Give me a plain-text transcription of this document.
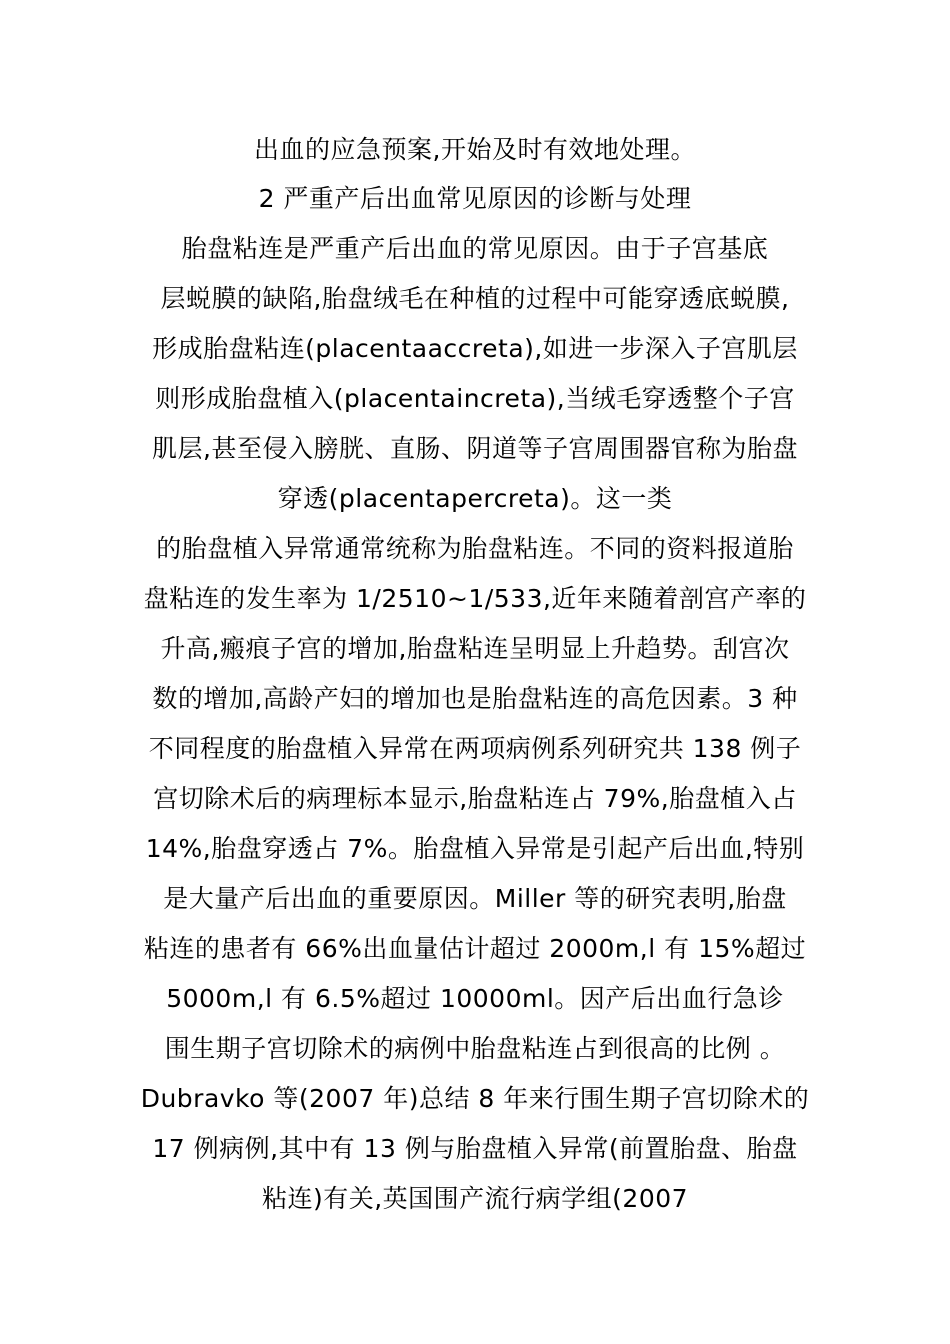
出血的应急预案,开始及时有效地处理。
2 严重产后出血常见原因的诊断与处理
胎盘粘连是严重产后出血的常见原因。由于子宫基底
层蜕膜的缺陷,胎盘绒毛在种植的过程中可能穿透底蜕膜,
形成胎盘粘连(placentaaccreta),如进一步深入子宫肌层
则形成胎盘植入(placentaincreta),当绒毛穿透整个子宫
肌层,甚至侵入膀胱、直肠、阴道等子宫周围器官称为胎盘
穿透(placentapercreta)。这一类
的胎盘植入异常通常统称为胎盘粘连。不同的资料报道胎
盘粘连的发生率为 1/2510~1/533,近年来随着剖宫产率的
升高,瘢痕子宫的增加,胎盘粘连呈明显上升趋势。刮宫次
数的增加,高龄产妇的增加也是胎盘粘连的高危因素。3 种
不同程度的胎盘植入异常在两项病例系列研究共 138 例子
宫切除术后的病理标本显示,胎盘粘连占 79%,胎盘植入占
14%,胎盘穿透占 7%。胎盘植入异常是引起产后出血,特别
是大量产后出血的重要原因。Miller 等的研究表明,胎盘
粘连的患者有 66%出血量估计超过 2000m,l 有 15%超过
5000m,l 有 6.5%超过 10000ml。因产后出血行急诊
围生期子宫切除术的病例中胎盘粘连占到很高的比例 。
Dubravko 等(2007 年)总结 8 年来行围生期子宫切除术的
17 例病例,其中有 13 例与胎盘植入异常(前置胎盘、胎盘
粘连)有关,英国围产流行病学组(2007
